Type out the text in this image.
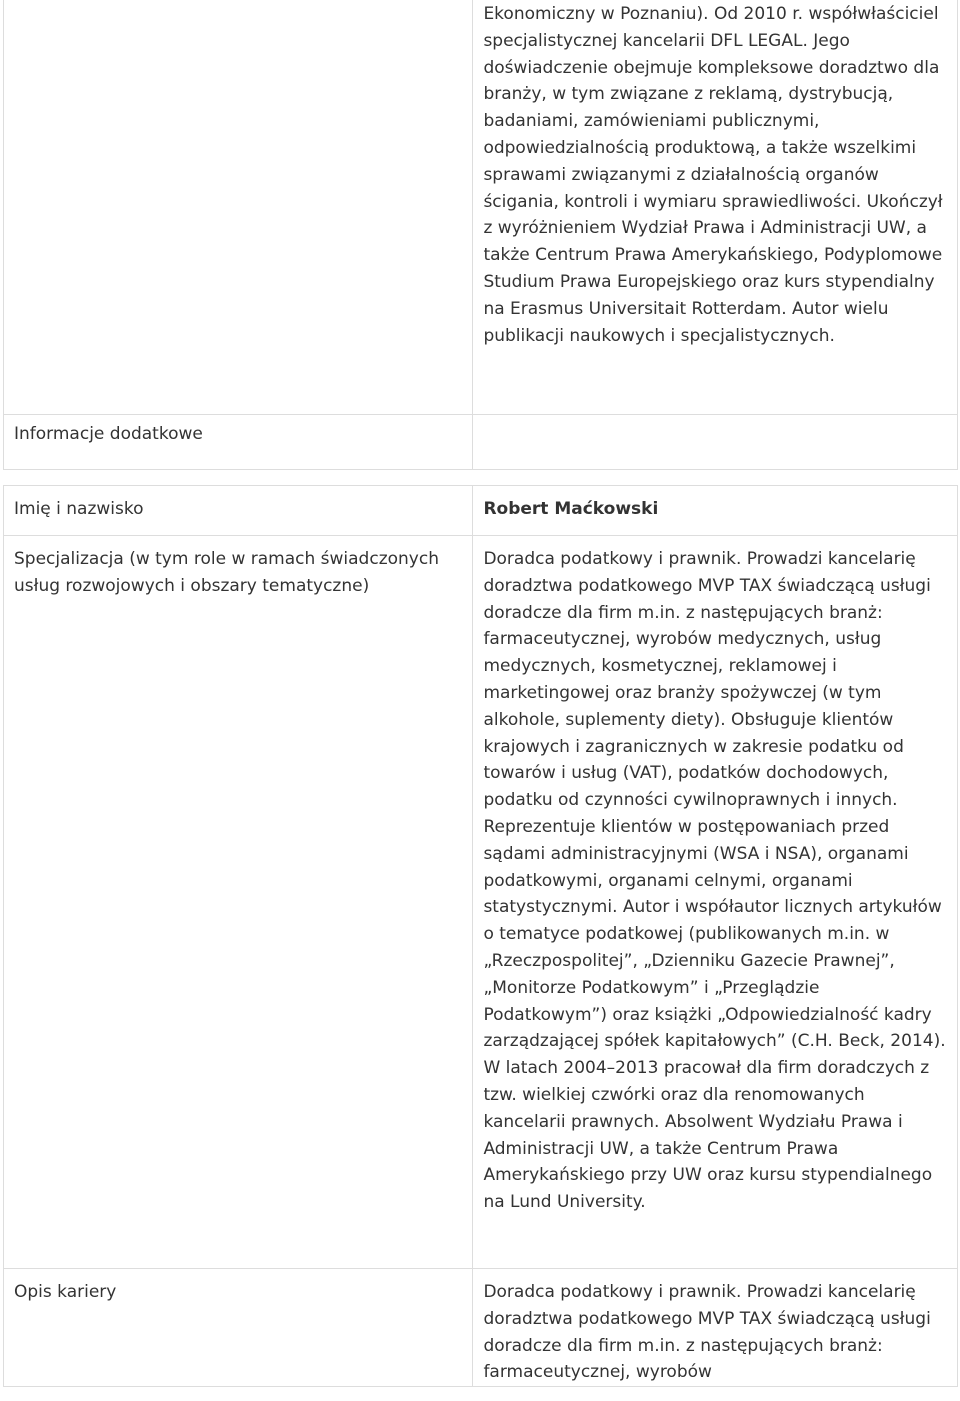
	Ekonomiczny w Poznaniu). Od 2010 r. współwłaściciel specjalistycznej kancelarii DFL LEGAL. Jego doświadczenie obejmuje kompleksowe doradztwo dla branży, w tym związane z reklamą, dystrybucją, badaniami, zamówieniami publicznymi, odpowiedzialnością produktową, a także wszelkimi sprawami związanymi z działalnością organów ścigania, kontroli i wymiaru sprawiedliwości. Ukończył z wyróżnieniem Wydział Prawa i Administracji UW, a także Centrum Prawa Amerykańskiego, Podyplomowe Studium Prawa Europejskiego oraz kurs stypendialny na Erasmus Universitait Rotterdam. Autor wielu publikacji naukowych i specjalistycznych.

Informacje dodatkowe	
Imię i nazwisko	Robert Maćkowski
Specjalizacja (w tym role w ramach świadczonych usług rozwojowych i obszary tematyczne)	Doradca podatkowy i prawnik. Prowadzi kancelarię doradztwa podatkowego MVP TAX świadczącą usługi doradcze dla firm m.in. z następujących branż: farmaceutycznej, wyrobów medycznych, usług medycznych, kosmetycznej, reklamowej i marketingowej oraz branży spożywczej (w tym alkohole, suplementy diety). Obsługuje klientów krajowych i zagranicznych w zakresie podatku od towarów i usług (VAT), podatków dochodowych, podatku od czynności cywilnoprawnych i innych. Reprezentuje klientów w postępowaniach przed sądami administracyjnymi (WSA i NSA), organami podatkowymi, organami celnymi, organami statystycznymi. Autor i współautor licznych artykułów o tematyce podatkowej (publikowanych m.in. w „Rzeczpospolitej”, „Dzienniku Gazecie Prawnej”, „Monitorze Podatkowym” i „Przeglądzie Podatkowym”) oraz książki „Odpowiedzialność kadry zarządzającej spółek kapitałowych” (C.H. Beck, 2014). W latach 2004–2013 pracował dla firm doradczych z tzw. wielkiej czwórki oraz dla renomowanych kancelarii prawnych. Absolwent Wydziału Prawa i Administracji UW, a także Centrum Prawa Amerykańskiego przy UW oraz kursu stypendialnego na Lund University.
Opis kariery	Doradca podatkowy i prawnik. Prowadzi kancelarię doradztwa podatkowego MVP TAX świadczącą usługi doradcze dla firm m.in. z następujących branż: farmaceutycznej, wyrobów
